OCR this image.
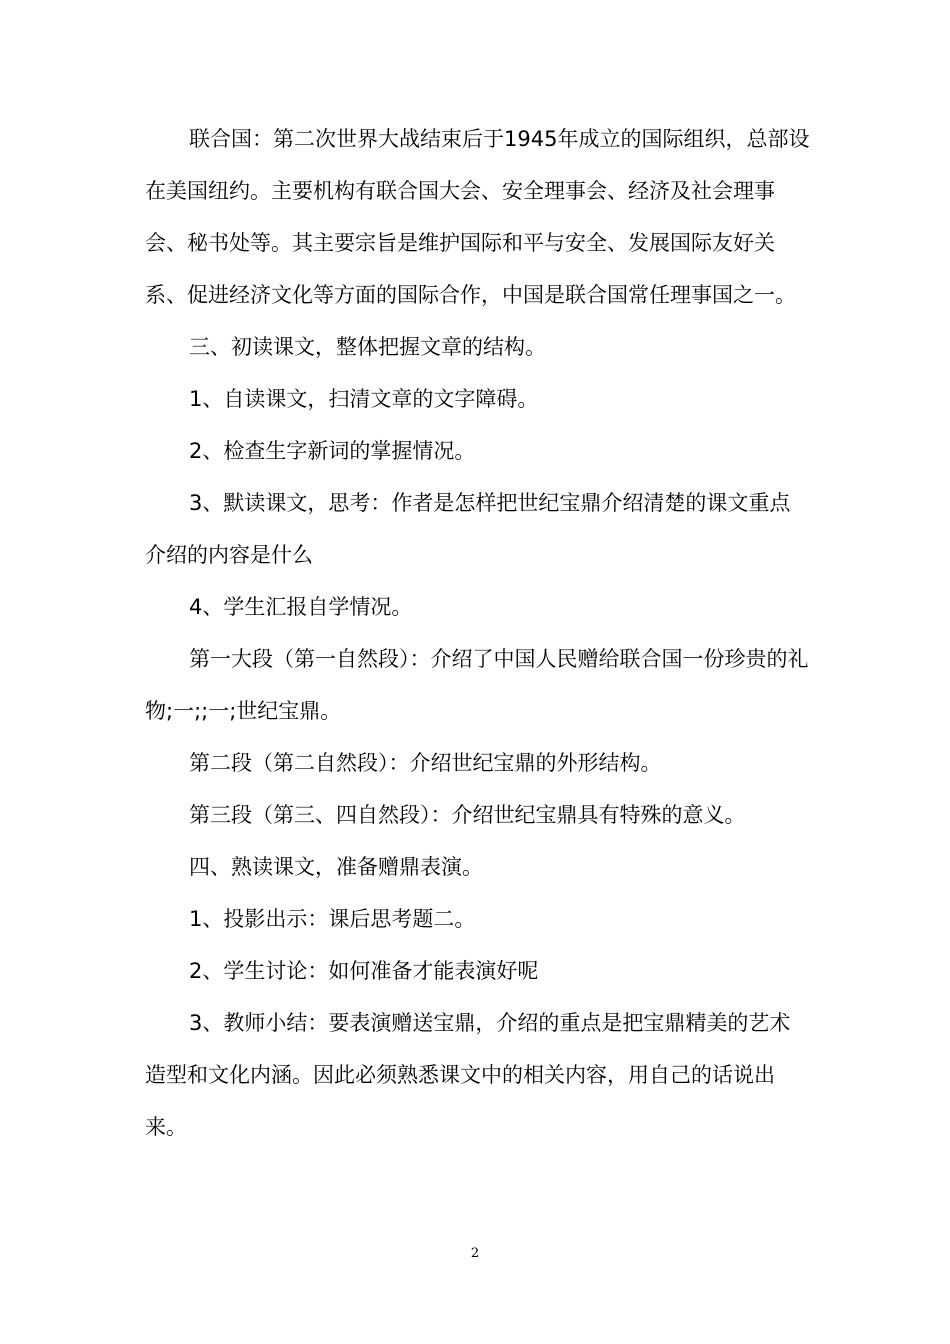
联合国：第二次世界大战结束后于1945年成立的国际组织，总部设在美国纽约。主要机构有联合国大会、安全理事会、经济及社会理事会、秘书处等。其主要宗旨是维护国际和平与安全、发展国际友好关系、促进经济文化等方面的国际合作，中国是联合国常任理事国之一。

三、初读课文，整体把握文章的结构。

1、自读课文，扫清文章的文字障碍。

2、检查生字新词的掌握情况。

3、默读课文，思考：作者是怎样把世纪宝鼎介绍清楚的课文重点介绍的内容是什么

4、学生汇报自学情况。

第一大段（第一自然段）：介绍了中国人民赠给联合国一份珍贵的礼物;一;;一;世纪宝鼎。

第二段（第二自然段）：介绍世纪宝鼎的外形结构。

第三段（第三、四自然段）：介绍世纪宝鼎具有特殊的意义。

四、熟读课文，准备赠鼎表演。

1、投影出示：课后思考题二。

2、学生讨论：如何准备才能表演好呢

3、教师小结：要表演赠送宝鼎，介绍的重点是把宝鼎精美的艺术造型和文化内涵。因此必须熟悉课文中的相关内容，用自己的话说出来。

2
